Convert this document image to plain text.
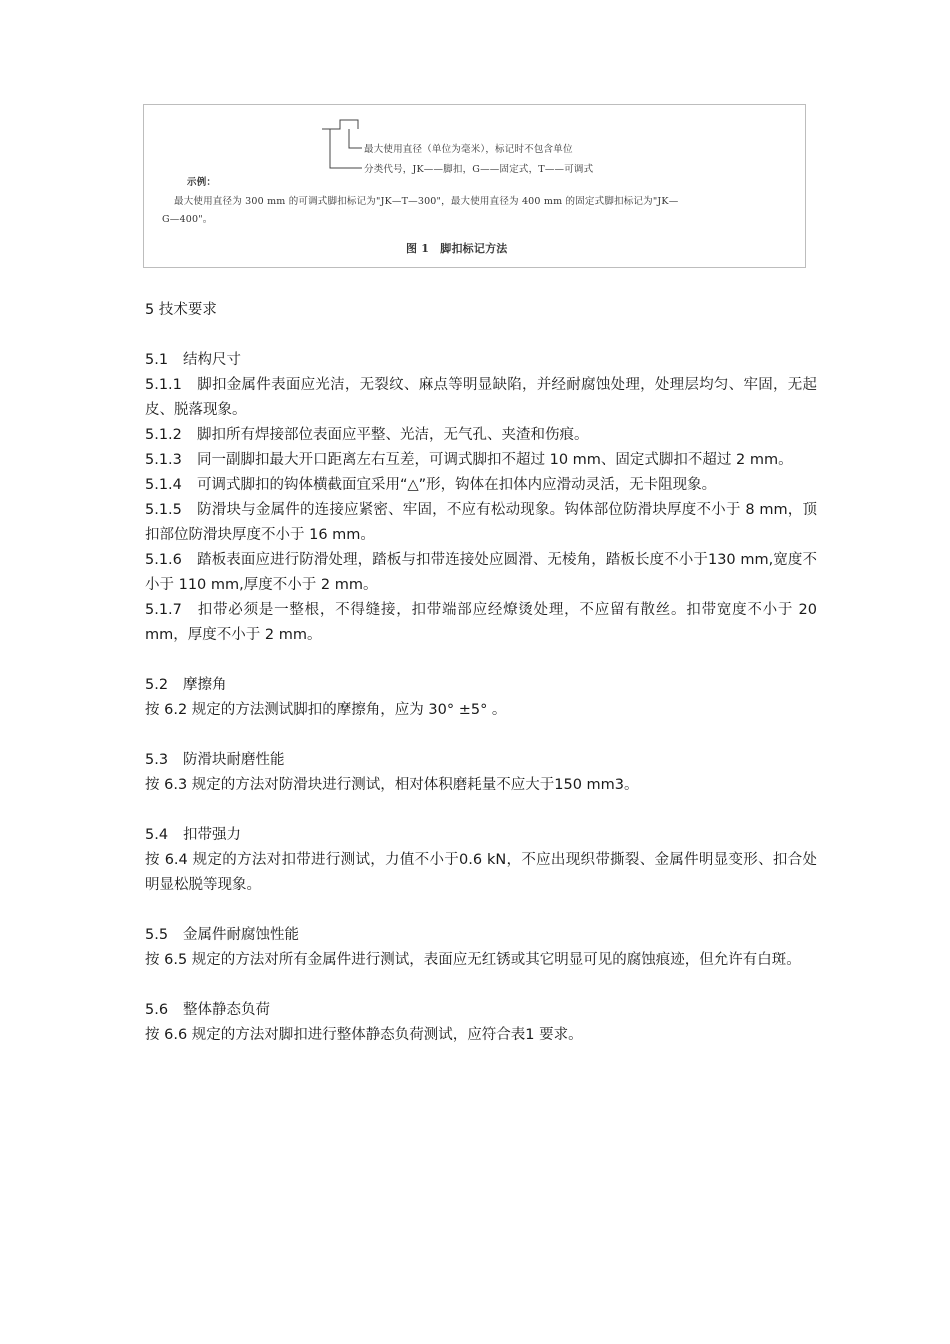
最大使用直径（单位为毫米），标记时不包含单位
分类代号，JK——脚扣，G——固定式，T——可调式
示例：
最大使用直径为 300 mm 的可调式脚扣标记为"JK—T—300"，最大使用直径为 400 mm 的固定式脚扣标记为"JK—
G—400"。
图 1　脚扣标记方法

5 技术要求

5.1 结构尺寸

5.1.1 脚扣金属件表面应光洁，无裂纹、麻点等明显缺陷，并经耐腐蚀处理，处理层均匀、牢固，无起皮、脱落现象。

5.1.2 脚扣所有焊接部位表面应平整、光洁，无气孔、夹渣和伤痕。

5.1.3 同一副脚扣最大开口距离左右互差，可调式脚扣不超过 10 mm、固定式脚扣不超过 2 mm。

5.1.4 可调式脚扣的钩体横截面宜采用“△”形，钩体在扣体内应滑动灵活，无卡阻现象。

5.1.5 防滑块与金属件的连接应紧密、牢固，不应有松动现象。钩体部位防滑块厚度不小于 8 mm，顶扣部位防滑块厚度不小于 16 mm。

5.1.6 踏板表面应进行防滑处理，踏板与扣带连接处应圆滑、无棱角，踏板长度不小于130 mm,宽度不小于 110 mm,厚度不小于 2 mm。

5.1.7 扣带必须是一整根，不得缝接，扣带端部应经燎烫处理，不应留有散丝。扣带宽度不小于 20 mm，厚度不小于 2 mm。

5.2 摩擦角

按 6.2 规定的方法测试脚扣的摩擦角，应为 30° ±5° 。

5.3 防滑块耐磨性能

按 6.3 规定的方法对防滑块进行测试，相对体积磨耗量不应大于150 mm3。

5.4 扣带强力

按 6.4 规定的方法对扣带进行测试，力值不小于0.6 kN，不应出现织带撕裂、金属件明显变形、扣合处明显松脱等现象。

5.5 金属件耐腐蚀性能

按 6.5 规定的方法对所有金属件进行测试，表面应无红锈或其它明显可见的腐蚀痕迹，但允许有白斑。

5.6 整体静态负荷

按 6.6 规定的方法对脚扣进行整体静态负荷测试，应符合表1 要求。
